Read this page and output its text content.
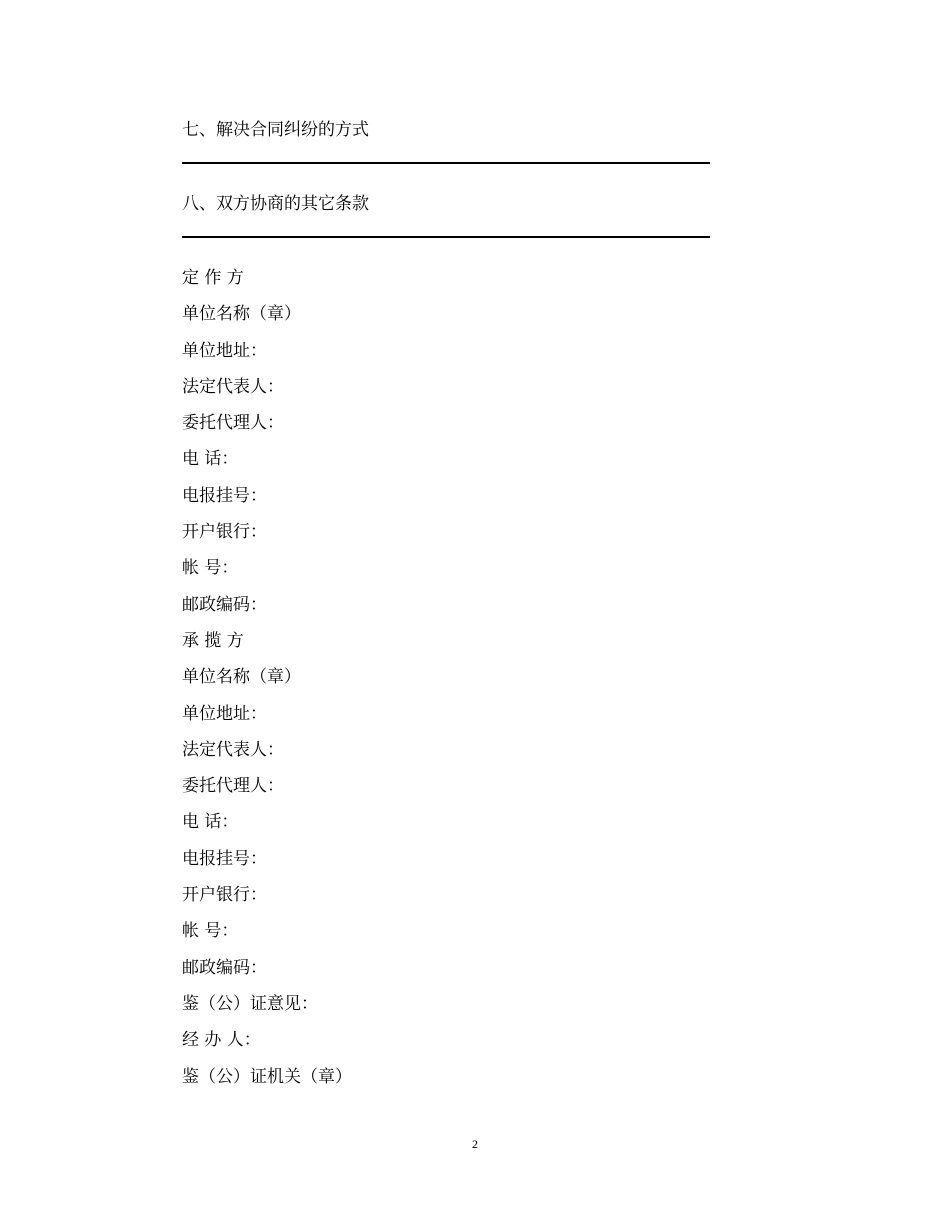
七、解决合同纠纷的方式
八、双方协商的其它条款
定 作 方
单位名称（章）
单位地址：
法定代表人：
委托代理人：
电 话：
电报挂号：
开户银行：
帐 号：
邮政编码：
承 揽 方
单位名称（章）
单位地址：
法定代表人：
委托代理人：
电 话：
电报挂号：
开户银行：
帐 号：
邮政编码：
鉴（公）证意见：
经 办 人：
鉴（公）证机关（章）
2
